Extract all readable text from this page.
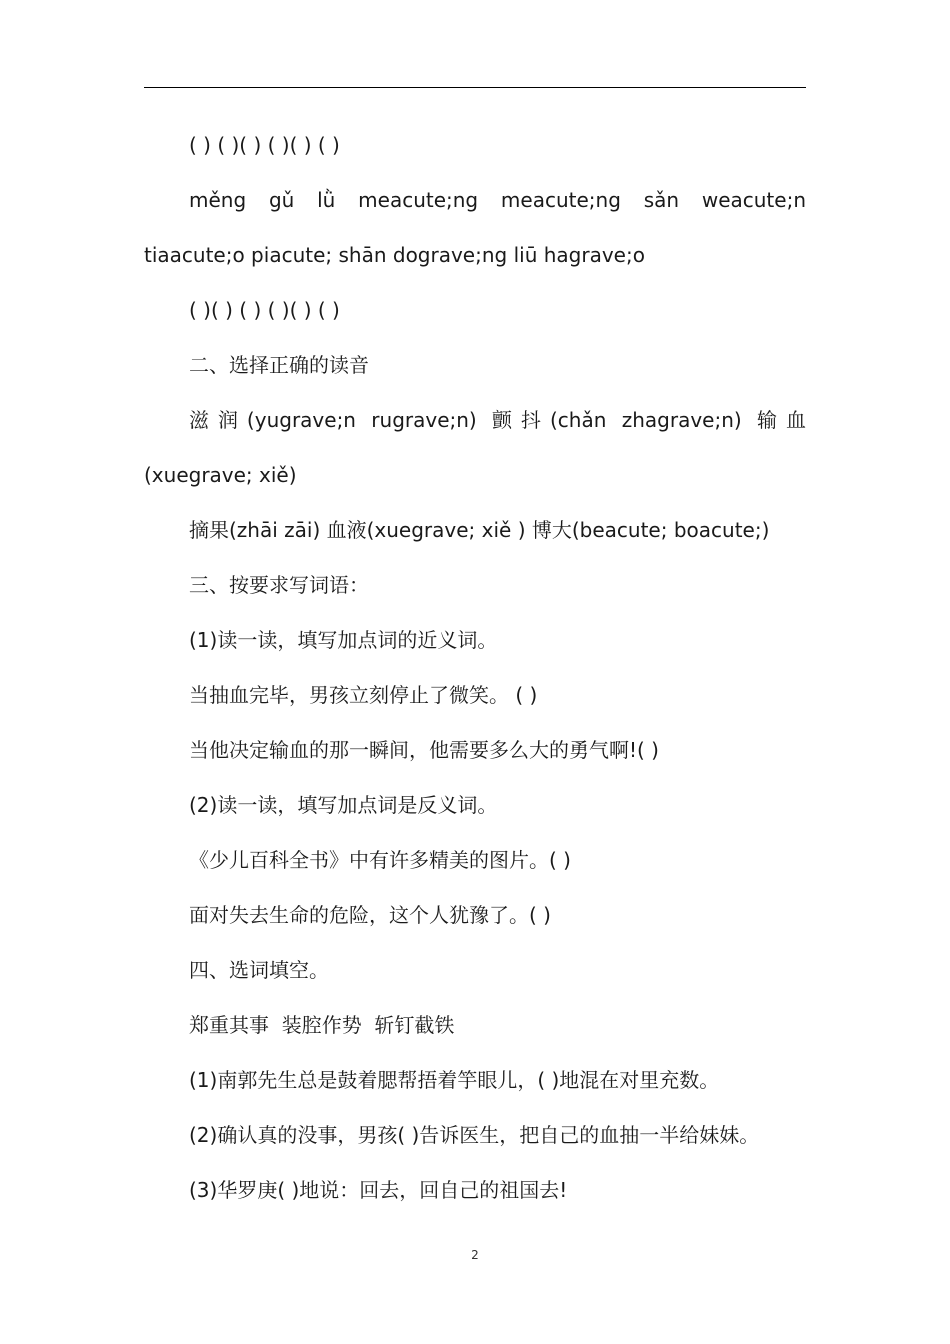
( ) ( )( ) ( )( ) ( )

měng gǔ lǜ meacute;ng meacute;ng sǎn weacute;n tiaacute;o piacute; shān dograve;ng liū hagrave;o

( )( ) ( ) ( )( ) ( )

二、选择正确的读音

滋润(yugrave;n rugrave;n) 颤抖(chǎn zhagrave;n) 输血(xuegrave; xiě)

摘果(zhāi zāi) 血液(xuegrave; xiě ) 博大(beacute; boacute;)

三、按要求写词语：

(1)读一读，填写加点词的近义词。

当抽血完毕，男孩立刻停止了微笑。 ( )

当他决定输血的那一瞬间，他需要多么大的勇气啊!( )

(2)读一读，填写加点词是反义词。

《少儿百科全书》中有许多精美的图片。( )

面对失去生命的危险，这个人犹豫了。( )

四、选词填空。

郑重其事  装腔作势  斩钉截铁

(1)南郭先生总是鼓着腮帮捂着竽眼儿，( )地混在对里充数。

(2)确认真的没事，男孩( )告诉医生，把自己的血抽一半给妹妹。

(3)华罗庚( )地说：回去，回自己的祖国去!

2
